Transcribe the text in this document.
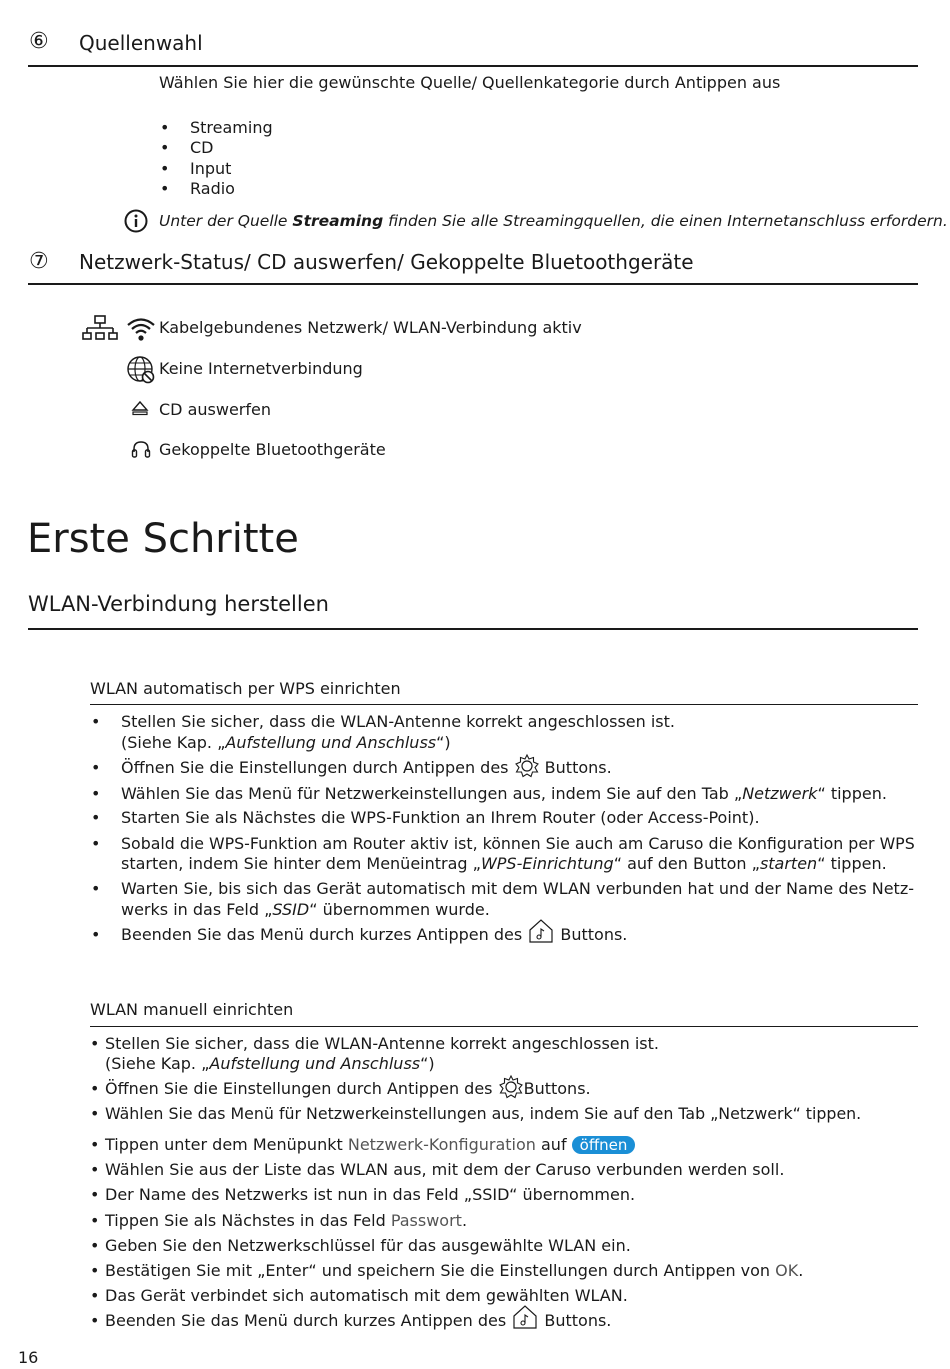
⑥ Quellenwahl
Wählen Sie hier die gewünschte Quelle/ Quellenkategorie durch Antippen aus
• Streaming
• CD
• Input
• Radio
Unter der Quelle Streaming finden Sie alle Streamingquellen, die einen Internetanschluss erfordern.
⑦ Netzwerk-Status/ CD auswerfen/ Gekoppelte Bluetoothgeräte
Kabelgebundenes Netzwerk/ WLAN-Verbindung aktiv
Keine Internetverbindung
CD auswerfen
Gekoppelte Bluetoothgeräte
Erste Schritte
WLAN-Verbindung herstellen
WLAN automatisch per WPS einrichten
• Stellen Sie sicher, dass die WLAN-Antenne korrekt angeschlossen ist.
(Siehe Kap. „Aufstellung und Anschluss“)
• Öffnen Sie die Einstellungen durch Antippen des  Buttons.
• Wählen Sie das Menü für Netzwerkeinstellungen aus, indem Sie auf den Tab „Netzwerk“ tippen.
• Starten Sie als Nächstes die WPS-Funktion an Ihrem Router (oder Access-Point).
• Sobald die WPS-Funktion am Router aktiv ist, können Sie auch am Caruso die Konfiguration per WPS
starten, indem Sie hinter dem Menüeintrag „WPS-Einrichtung“ auf den Button „starten“ tippen.
• Warten Sie, bis sich das Gerät automatisch mit dem WLAN verbunden hat und der Name des Netz-
werks in das Feld „SSID“ übernommen wurde.
• Beenden Sie das Menü durch kurzes Antippen des  Buttons.
WLAN manuell einrichten
• Stellen Sie sicher, dass die WLAN-Antenne korrekt angeschlossen ist.
(Siehe Kap. „Aufstellung und Anschluss“)
• Öffnen Sie die Einstellungen durch Antippen des Buttons.
• Wählen Sie das Menü für Netzwerkeinstellungen aus, indem Sie auf den Tab „Netzwerk“ tippen.
• Tippen unter dem Menüpunkt Netzwerk-Konfiguration auf öffnen
• Wählen Sie aus der Liste das WLAN aus, mit dem der Caruso verbunden werden soll.
• Der Name des Netzwerks ist nun in das Feld „SSID“ übernommen.
• Tippen Sie als Nächstes in das Feld Passwort.
• Geben Sie den Netzwerkschlüssel für das ausgewählte WLAN ein.
• Bestätigen Sie mit „Enter“ und speichern Sie die Einstellungen durch Antippen von OK.
• Das Gerät verbindet sich automatisch mit dem gewählten WLAN.
• Beenden Sie das Menü durch kurzes Antippen des  Buttons.
16
